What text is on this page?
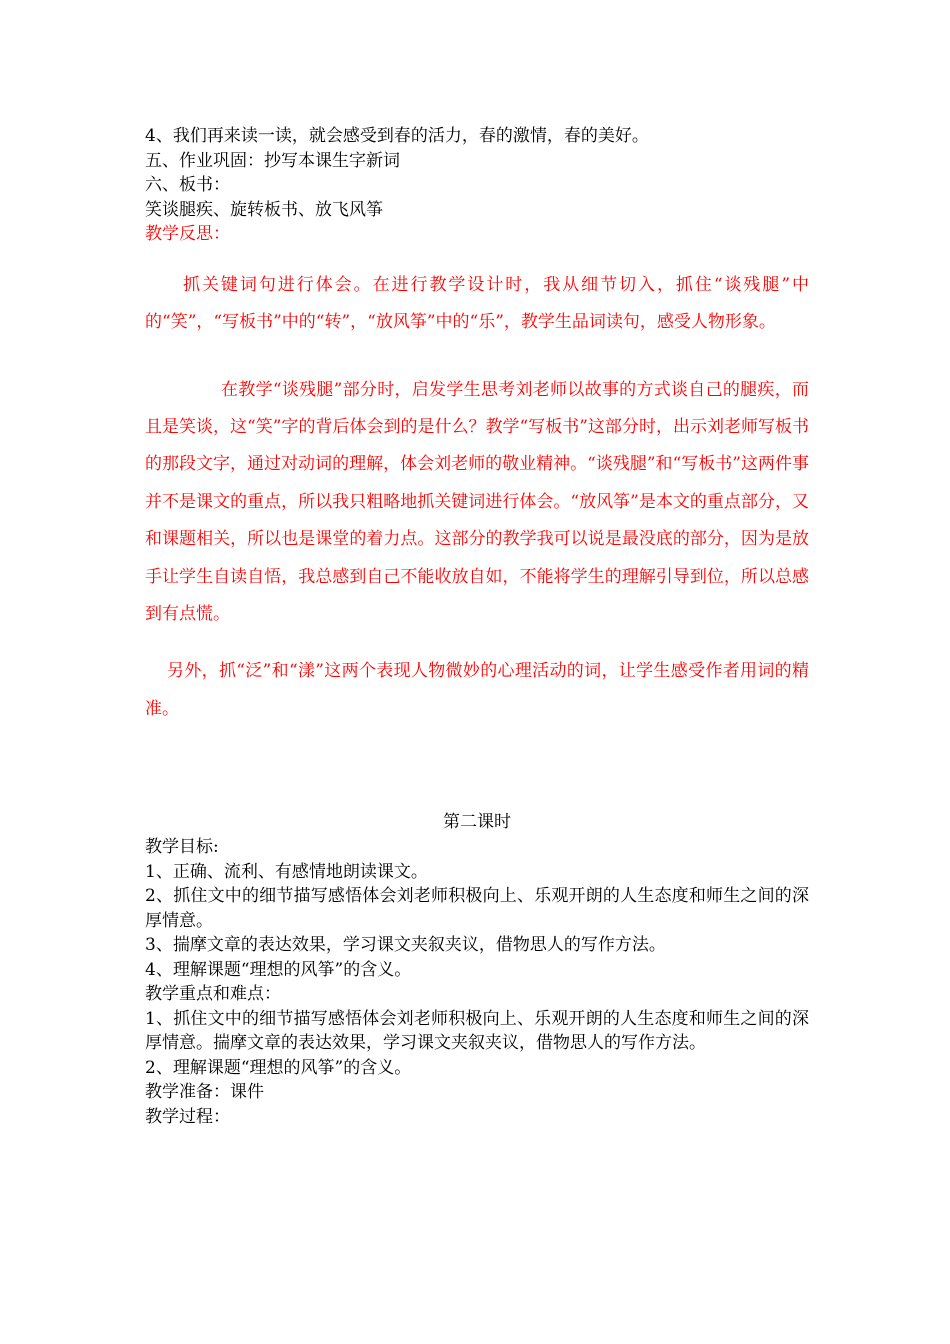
4、我们再来读一读，就会感受到春的活力，春的激情，春的美好。
五、作业巩固：抄写本课生字新词
六、板书：
笑谈腿疾、旋转板书、放飞风筝
教学反思：
抓关键词句进行体会。在进行教学设计时，我从细节切入，抓住“谈残腿”中的“笑”，“写板书”中的“转”，“放风筝”中的“乐”，教学生品词读句，感受人物形象。
在教学“谈残腿”部分时，启发学生思考刘老师以故事的方式谈自己的腿疾，而且是笑谈，这“笑”字的背后体会到的是什么？教学“写板书”这部分时，出示刘老师写板书的那段文字，通过对动词的理解，体会刘老师的敬业精神。“谈残腿”和“写板书”这两件事并不是课文的重点，所以我只粗略地抓关键词进行体会。“放风筝”是本文的重点部分，又和课题相关，所以也是课堂的着力点。这部分的教学我可以说是最没底的部分，因为是放手让学生自读自悟，我总感到自己不能收放自如，不能将学生的理解引导到位，所以总感到有点慌。
另外，抓“泛”和“漾”这两个表现人物微妙的心理活动的词，让学生感受作者用词的精准。
第二课时
教学目标:
1、正确、流利、有感情地朗读课文。
2、抓住文中的细节描写感悟体会刘老师积极向上、乐观开朗的人生态度和师生之间的深厚情意。
3、揣摩文章的表达效果，学习课文夹叙夹议，借物思人的写作方法。
4、理解课题“理想的风筝”的含义。
教学重点和难点：
1、抓住文中的细节描写感悟体会刘老师积极向上、乐观开朗的人生态度和师生之间的深厚情意。揣摩文章的表达效果，学习课文夹叙夹议，借物思人的写作方法。
2、理解课题“理想的风筝”的含义。
教学准备：课件
教学过程：
